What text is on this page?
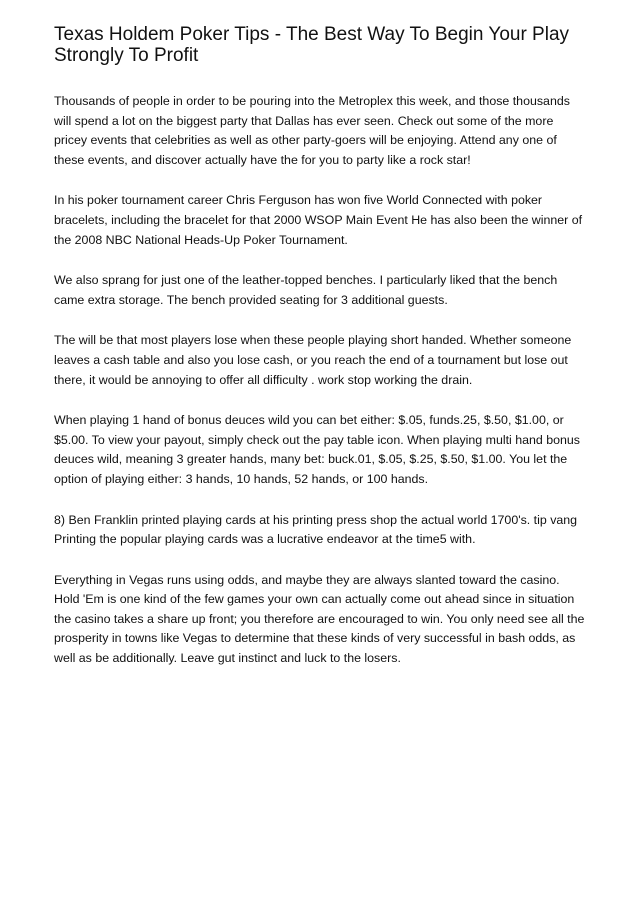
Texas Holdem Poker Tips - The Best Way To Begin Your Play Strongly To Profit

Thousands of people in order to be pouring into the Metroplex this week, and those thousands will spend a lot on the biggest party that Dallas has ever seen. Check out some of the more pricey events that celebrities as well as other party-goers will be enjoying. Attend any one of these events, and discover actually have the for you to party like a rock star!

In his poker tournament career Chris Ferguson has won five World Connected with poker bracelets, including the bracelet for that 2000 WSOP Main Event He has also been the winner of the 2008 NBC National Heads-Up Poker Tournament.

We also sprang for just one of the leather-topped benches. I particularly liked that the bench came extra storage. The bench provided seating for 3 additional guests.

The will be that most players lose when these people playing short handed. Whether someone leaves a cash table and also you lose cash, or you reach the end of a tournament but lose out there, it would be annoying to offer all difficulty . work stop working the drain.

When playing 1 hand of bonus deuces wild you can bet either: $.05, funds.25, $.50, $1.00, or $5.00. To view your payout, simply check out the pay table icon. When playing multi hand bonus deuces wild, meaning 3 greater hands, many bet: buck.01, $.05, $.25, $.50, $1.00. You let the option of playing either: 3 hands, 10 hands, 52 hands, or 100 hands.

8) Ben Franklin printed playing cards at his printing press shop the actual world 1700's. tip vang Printing the popular playing cards was a lucrative endeavor at the time5 with.

Everything in Vegas runs using odds, and maybe they are always slanted toward the casino. Hold 'Em is one kind of the few games your own can actually come out ahead since in situation the casino takes a share up front; you therefore are encouraged to win. You only need see all the prosperity in towns like Vegas to determine that these kinds of very successful in bash odds, as well as be additionally. Leave gut instinct and luck to the losers.
